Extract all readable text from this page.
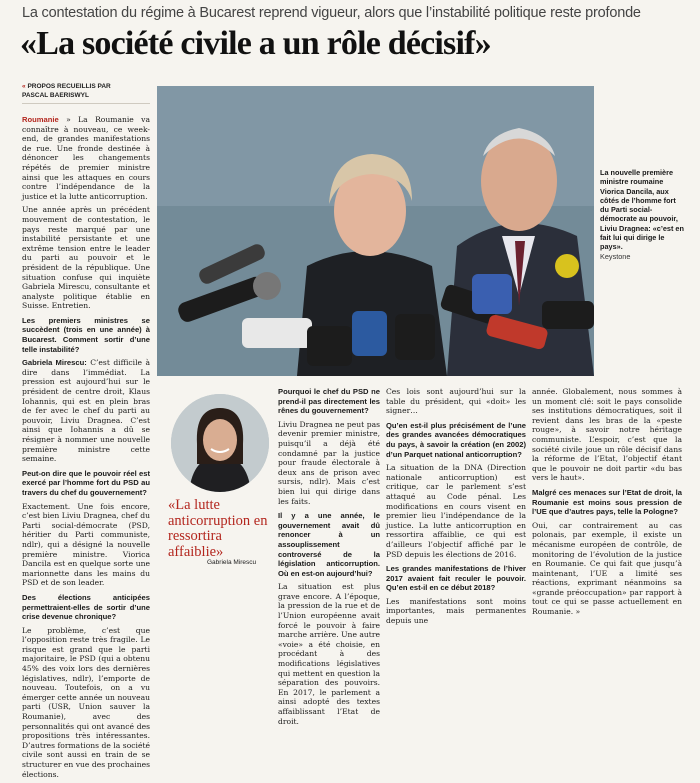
La contestation du régime à Bucarest reprend vigueur, alors que l’instabilité politique reste profonde
«La société civile a un rôle décisif»
« PROPOS RECUEILLIS PAR
PASCAL BAERISWYL

Roumanie » La Roumanie va connaître à nouveau, ce week-end, de grandes manifestations de rue. Une fronde destinée à dénoncer les changements répétés de premier ministre ainsi que les attaques en cours contre l’indépendance de la justice et la lutte anticorruption.

Une année après un précédent mouvement de contestation, le pays reste marqué par une instabilité persistante et une extrême tension entre le leader du parti au pouvoir et le président de la république. Une situation confuse qui inquiète Gabriela Mirescu, consultante et analyste politique établie en Suisse. Entretien.

Les premiers ministres se succèdent (trois en une année) à Bucarest. Comment sortir d’une telle instabilité?

Gabriela Mirescu: C’est difficile à dire dans l’immédiat. La pression est aujourd’hui sur le président de centre droit, Klaus Iohannis, qui est en plein bras de fer avec le chef du parti au pouvoir, Liviu Dragnea. C’est ainsi que Iohannis a dû se résigner à nommer une nouvelle première ministre cette semaine.

Peut-on dire que le pouvoir réel est exercé par l’homme fort du PSD au travers du chef du gouvernement?

Exactement. Une fois encore, c’est bien Liviu Dragnea, chef du Parti social-démocrate (PSD, héritier du Parti communiste, ndlr), qui a désigné la nouvelle première ministre. Viorica Dancila est en quelque sorte une marionnette dans les mains du PSD et de son leader.

Des élections anticipées permettraient-elles de sortir d’une crise devenue chronique?

Le problème, c’est que l’opposition reste très fragile. Le risque est grand que le parti majoritaire, le PSD (qui a obtenu 45% des voix lors des dernières législatives, ndlr), l’emporte de nouveau. Toutefois, on a vu émerger cette année un nouveau parti (USR, Union sauver la Roumanie), avec des personnalités qui ont avancé des propositions très intéressantes. D’autres formations de la société civile sont aussi en train de se structurer en vue des prochaines élections.

La nouvelle première ministre roumaine Viorica Dancila, aux côtés de l’homme fort du Parti social-démocrate au pouvoir, Liviu Dragnea: «c’est en fait lui qui dirige le pays».
Keystone
«La lutte anticorruption en ressortira affaiblie»
Gabriela Mirescu

Pourquoi le chef du PSD ne prend-il pas directement les rênes du gouvernement?

Liviu Dragnea ne peut pas devenir premier ministre, puisqu’il a déjà été condamné par la justice pour fraude électorale à deux ans de prison avec sursis, ndlr). Mais c’est bien lui qui dirige dans les faits.

Il y a une année, le gouvernement avait dû renoncer à un assouplissement controversé de la législation anticorruption. Où en est-on aujourd’hui?

La situation est plus grave encore. A l’époque, la pression de la rue et de l’Union européenne avait forcé le pouvoir à faire marche arrière. Une autre «voie» a été choisie, en procédant à des modifications législatives qui mettent en question la séparation des pouvoirs. En 2017, le parlement a ainsi adopté des textes affaiblissant l’Etat de droit.

Ces lois sont aujourd’hui sur la table du président, qui «doit» les signer…

Qu’en est-il plus précisément de l’une des grandes avancées démocratiques du pays, à savoir la création (en 2002) d’un Parquet national anticorruption?

La situation de la DNA (Direction nationale anticorruption) est critique, car le parlement s’est attaqué au Code pénal. Les modifications en cours visent en premier lieu l’indépendance de la justice. La lutte anticorruption en ressortira affaiblie, ce qui est d’ailleurs l’objectif affiché par le PSD depuis les élections de 2016.

Les grandes manifestations de l’hiver 2017 avaient fait reculer le pouvoir. Qu’en est-il en ce début 2018?

Les manifestations sont moins importantes, mais permanentes depuis une

année. Globalement, nous sommes à un moment clé: soit le pays consolide ses institutions démocratiques, soit il revient dans les bras de la «peste rouge», à savoir notre héritage communiste. L’espoir, c’est que la société civile joue un rôle décisif dans la réforme de l’Etat, l’objectif étant que le pouvoir ne doit partir «du bas vers le haut».

Malgré ces menaces sur l’Etat de droit, la Roumanie est moins sous pression de l’UE que d’autres pays, telle la Pologne?

Oui, car contrairement au cas polonais, par exemple, il existe un mécanisme européen de contrôle, de monitoring de l’évolution de la justice en Roumanie. Ce qui fait que jusqu’à maintenant, l’UE a limité ses réactions, exprimant néanmoins sa «grande préoccupation» par rapport à tout ce qui se passe actuellement en Roumanie. »
